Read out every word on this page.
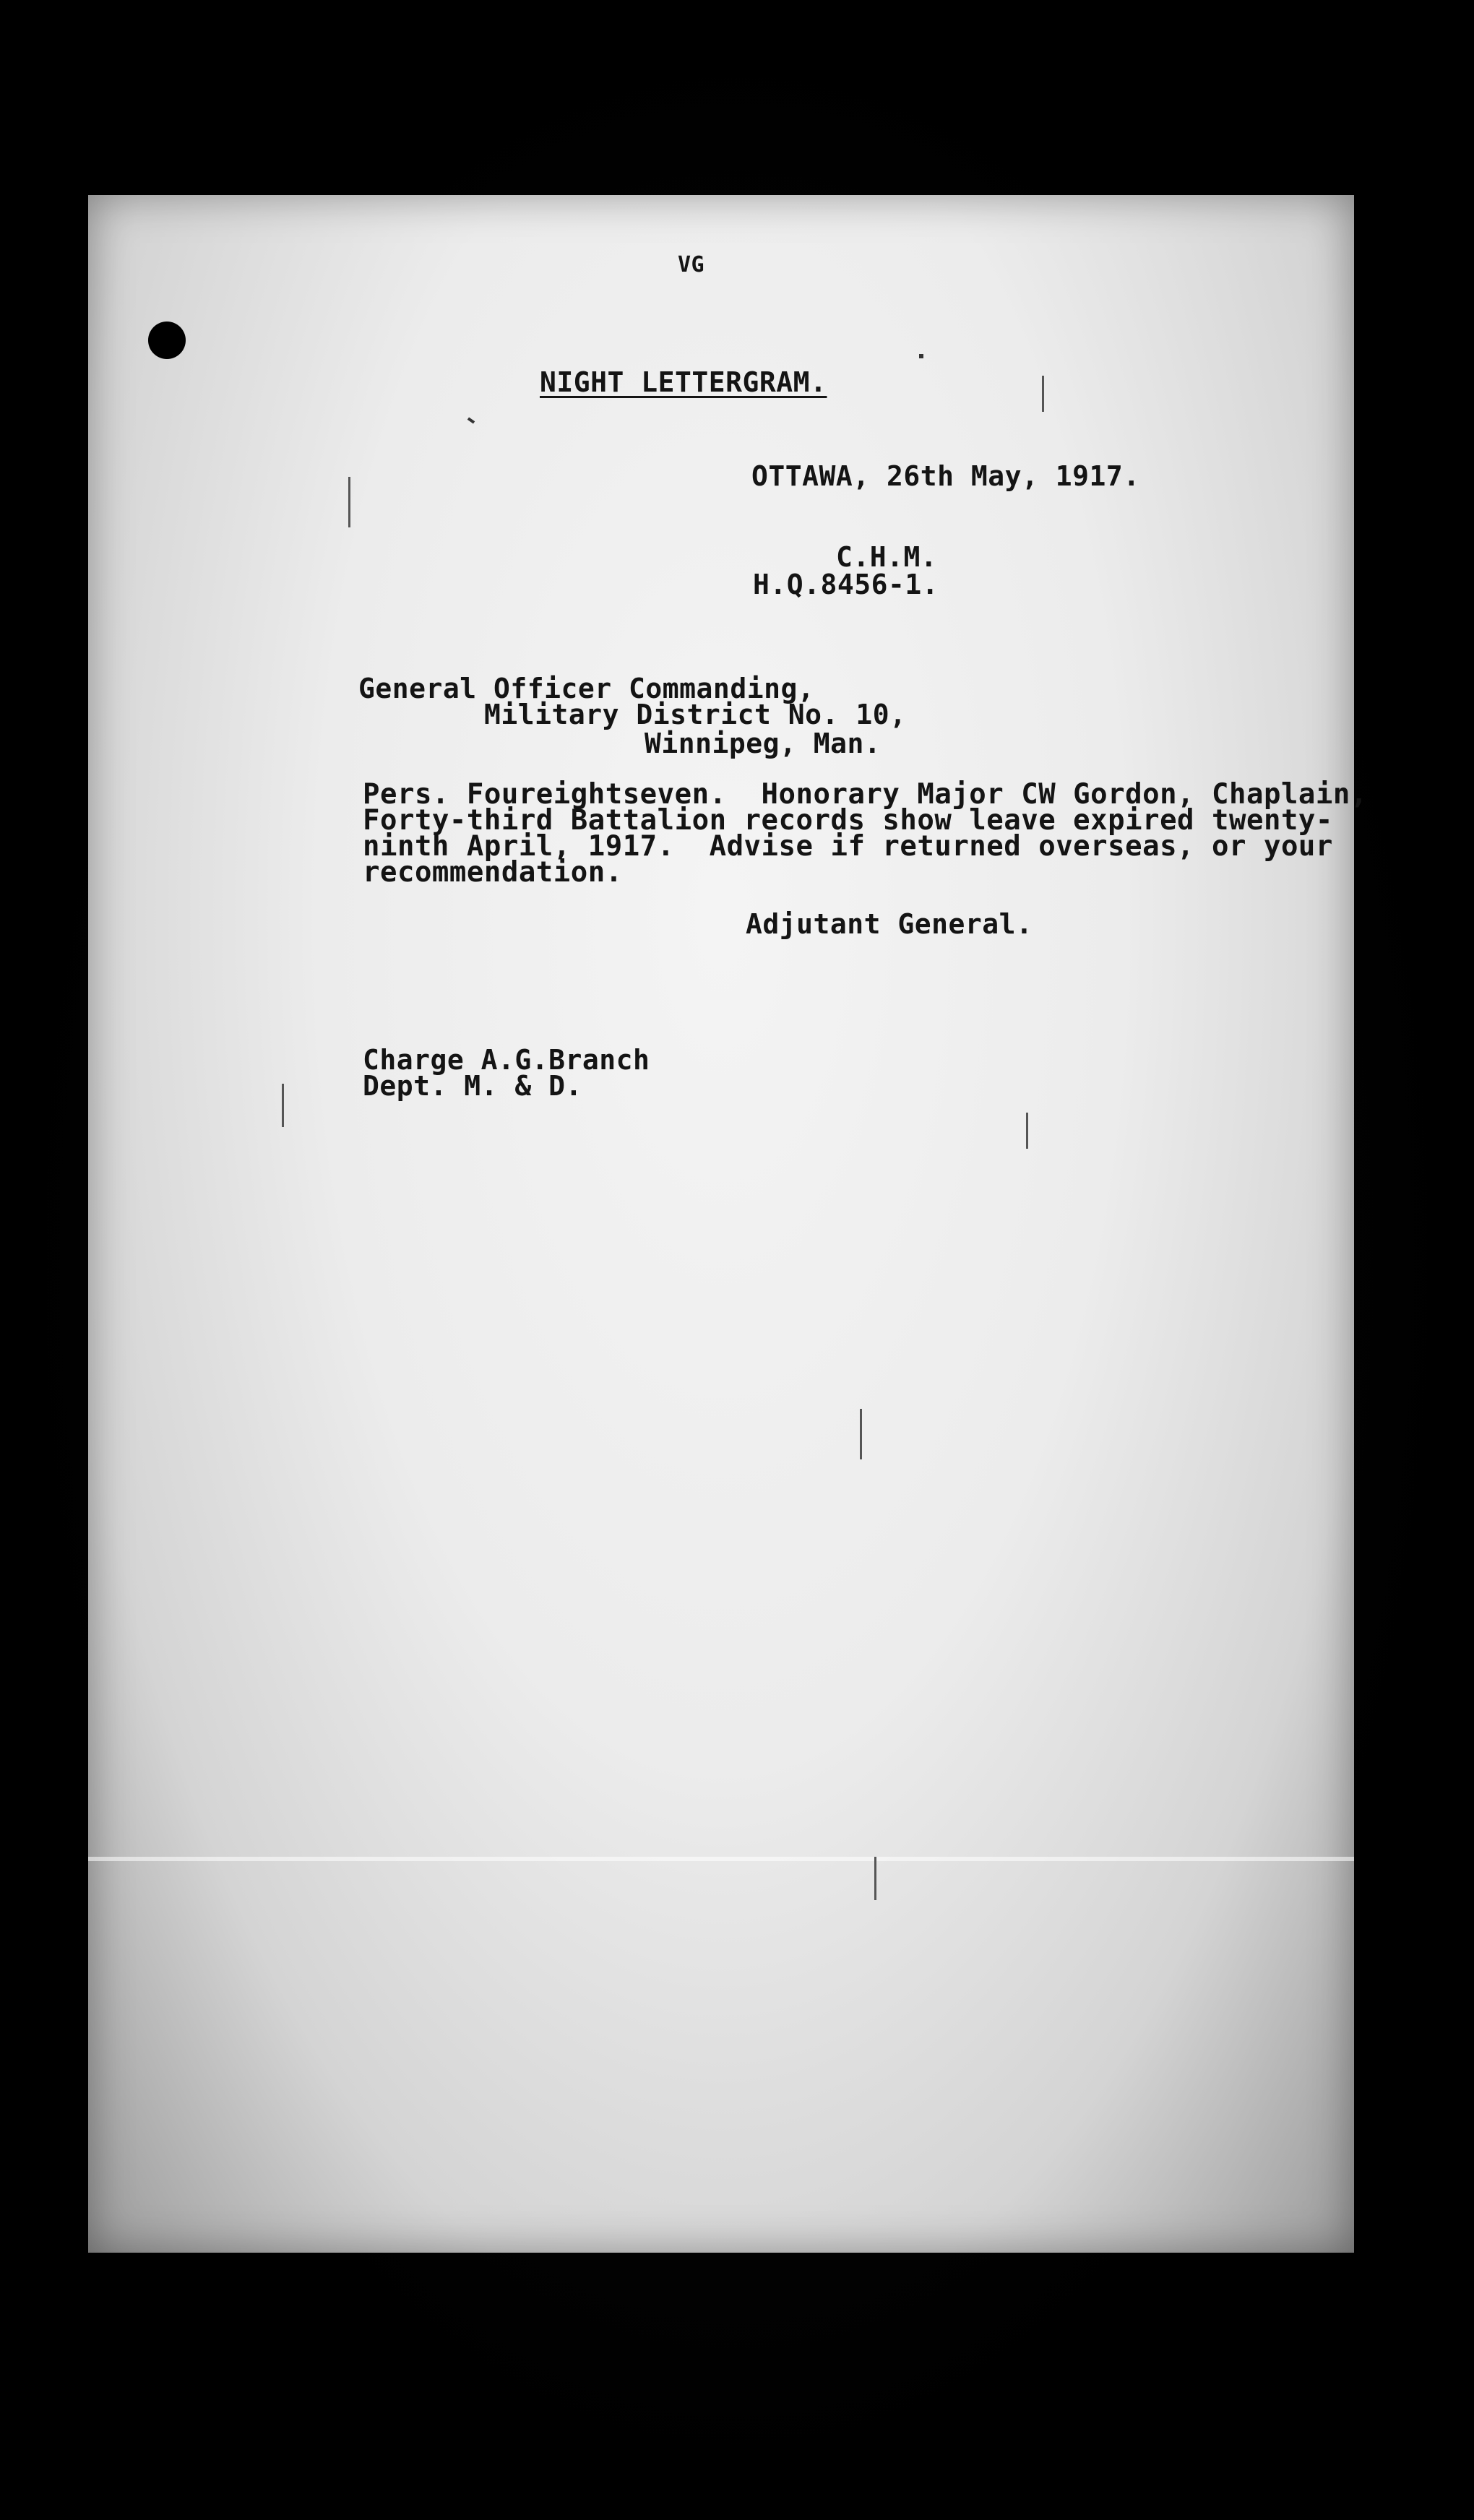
VG
NIGHT LETTERGRAM.
OTTAWA, 26th May, 1917.
C.H.M.
H.Q.8456-1.
General Officer Commanding,
Military District No. 10,
Winnipeg, Man.
Pers. Foureightseven.  Honorary Major CW Gordon, Chaplain,
Forty-third Battalion records show leave expired twenty-
ninth April, 1917.  Advise if returned overseas, or your
recommendation.
Adjutant General.
Charge A.G.Branch
Dept. M. & D.
